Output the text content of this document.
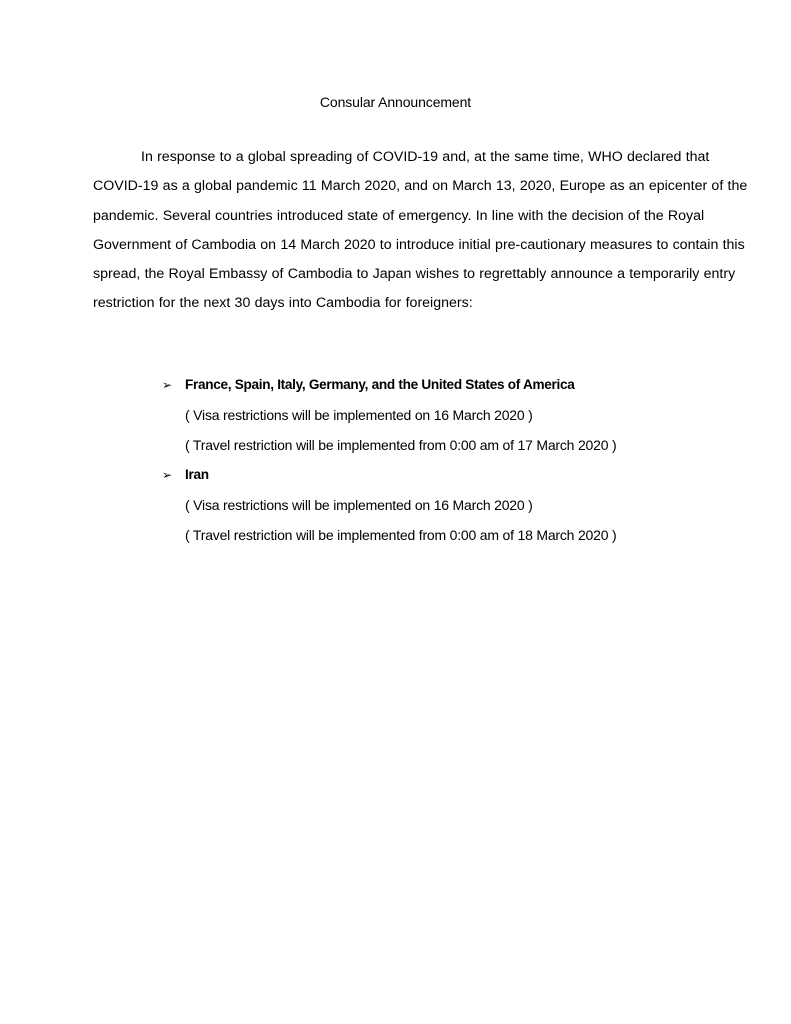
Consular Announcement

In response to a global spreading of COVID-19 and, at the same time, WHO declared that COVID-19 as a global pandemic 11 March 2020, and on March 13, 2020, Europe as an epicenter of the pandemic. Several countries introduced state of emergency. In line with the decision of the Royal Government of Cambodia on 14 March 2020 to introduce initial pre-cautionary measures to contain this spread, the Royal Embassy of Cambodia to Japan wishes to regrettably announce a temporarily entry restriction for the next 30 days into Cambodia for foreigners:

➢ France, Spain, Italy, Germany, and the United States of America
( Visa restrictions will be implemented on 16 March 2020 )
( Travel restriction will be implemented from 0:00 am of 17 March 2020 )
➢ Iran
( Visa restrictions will be implemented on 16 March 2020 )
( Travel restriction will be implemented from 0:00 am of 18 March 2020 )
